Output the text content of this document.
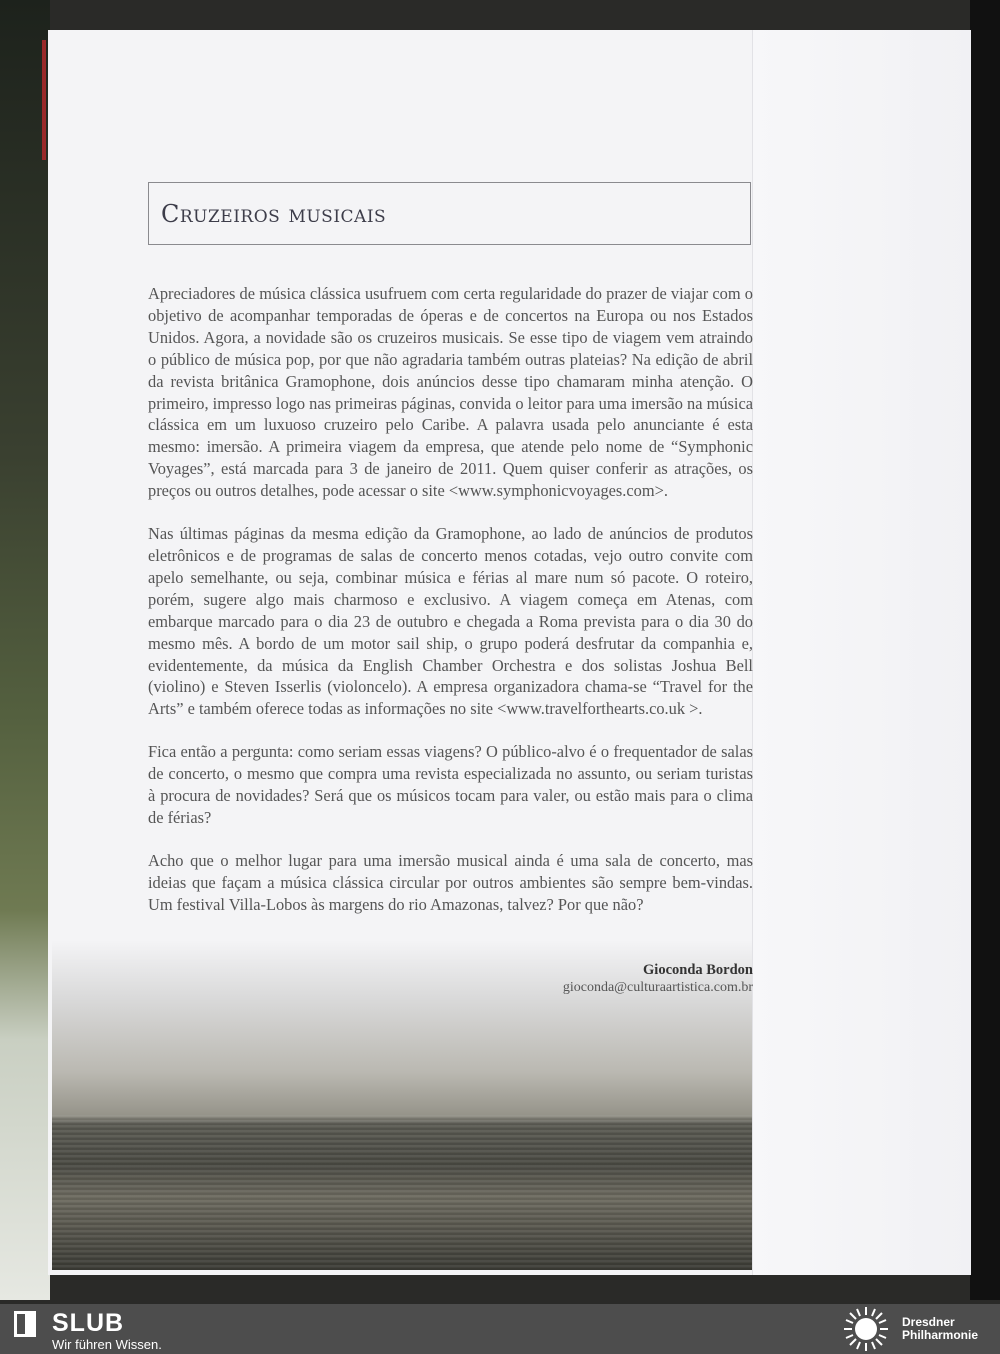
Cruzeiros musicais

Apreciadores de música clássica usufruem com certa regularidade do prazer de viajar com o objetivo de acompanhar temporadas de óperas e de concertos na Europa ou nos Estados Unidos. Agora, a novidade são os cruzeiros musicais. Se esse tipo de viagem vem atraindo o público de música pop, por que não agradaria também outras plateias? Na edição de abril da revista britânica Gramophone, dois anúncios desse tipo chamaram minha atenção. O primeiro, impresso logo nas primeiras páginas, convida o leitor para uma imersão na música clássica em um luxuoso cruzeiro pelo Caribe. A palavra usada pelo anunciante é esta mesmo: imersão. A primeira viagem da empresa, que atende pelo nome de “Symphonic Voyages”, está marcada para 3 de janeiro de 2011. Quem quiser conferir as atrações, os preços ou outros detalhes, pode acessar o site <www.symphonicvoyages.com>.

Nas últimas páginas da mesma edição da Gramophone, ao lado de anúncios de produtos eletrônicos e de programas de salas de concerto menos cotadas, vejo outro convite com apelo semelhante, ou seja, combinar música e férias al mare num só pacote. O roteiro, porém, sugere algo mais charmoso e exclusivo. A viagem começa em Atenas, com embarque marcado para o dia 23 de outubro e chegada a Roma prevista para o dia 30 do mesmo mês. A bordo de um motor sail ship, o grupo poderá desfrutar da companhia e, evidentemente, da música da English Chamber Orchestra e dos solistas Joshua Bell (violino) e Steven Isserlis (violoncelo). A empresa organizadora chama-se “Travel for the Arts” e também oferece todas as informações no site <www.travelforthearts.co.uk >.

Fica então a pergunta: como seriam essas viagens? O público-alvo é o frequentador de salas de concerto, o mesmo que compra uma revista especializada no assunto, ou seriam turistas à procura de novidades? Será que os músicos tocam para valer, ou estão mais para o clima de férias?

Acho que o melhor lugar para uma imersão musical ainda é uma sala de concerto, mas ideias que façam a música clássica circular por outros ambientes são sempre bem-vindas. Um festival Villa-Lobos às margens do rio Amazonas, talvez? Por que não?

Gioconda Bordon
gioconda@culturaartistica.com.br
SLUB
Wir führen Wissen.
Dresdner
Philharmonie
